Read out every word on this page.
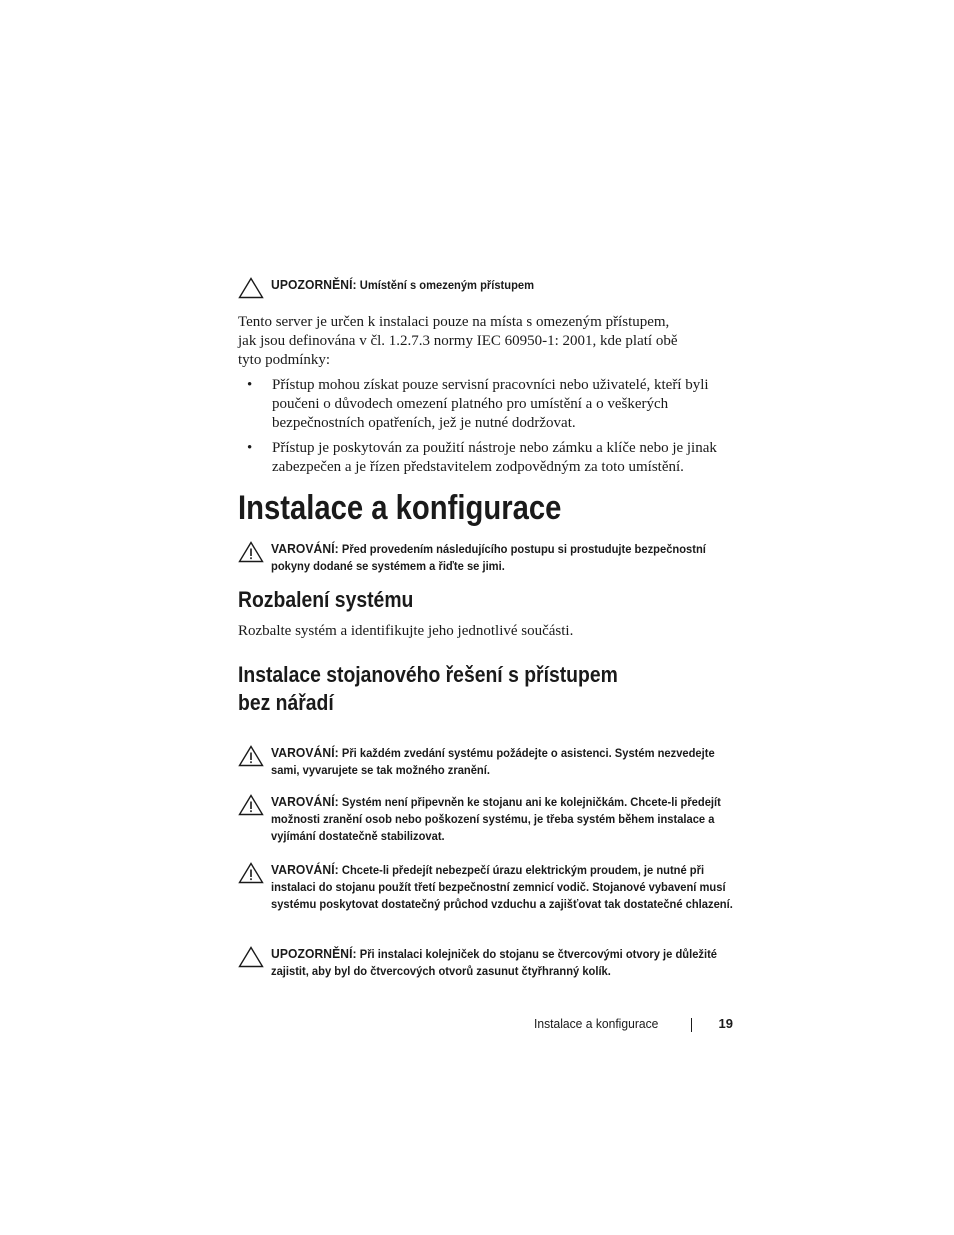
UPOZORNĚNÍ: Umístění s omezeným přístupem
Tento server je určen k instalaci pouze na místa s omezeným přístupem,
jak jsou definována v čl. 1.2.7.3 normy IEC 60950-1: 2001, kde platí obě
tyto podmínky:
• Přístup mohou získat pouze servisní pracovníci nebo uživatelé, kteří byli
poučeni o důvodech omezení platného pro umístění a o veškerých
bezpečnostních opatřeních, jež je nutné dodržovat.
• Přístup je poskytován za použití nástroje nebo zámku a klíče nebo je jinak
zabezpečen a je řízen představitelem zodpovědným za toto umístění.
Instalace a konfigurace
VAROVÁNÍ: Před provedením následujícího postupu si prostudujte bezpečnostní pokyny dodané se systémem a řiďte se jimi.
Rozbalení systému
Rozbalte systém a identifikujte jeho jednotlivé součásti.
Instalace stojanového řešení s přístupem
bez nářadí
VAROVÁNÍ: Při každém zvedání systému požádejte o asistenci. Systém nezvedejte sami, vyvarujete se tak možného zranění.
VAROVÁNÍ: Systém není připevněn ke stojanu ani ke kolejničkám. Chcete-li předejít možnosti zranění osob nebo poškození systému, je třeba systém během instalace a vyjímání dostatečně stabilizovat.
VAROVÁNÍ: Chcete-li předejít nebezpečí úrazu elektrickým proudem, je nutné při instalaci do stojanu použít třetí bezpečnostní zemnicí vodič. Stojanové vybavení musí systému poskytovat dostatečný průchod vzduchu a zajišťovat tak dostatečné chlazení.
UPOZORNĚNÍ: Při instalaci kolejniček do stojanu se čtvercovými otvory je důležité zajistit, aby byl do čtvercových otvorů zasunut čtyřhranný kolík.
Instalace a konfigurace	19
